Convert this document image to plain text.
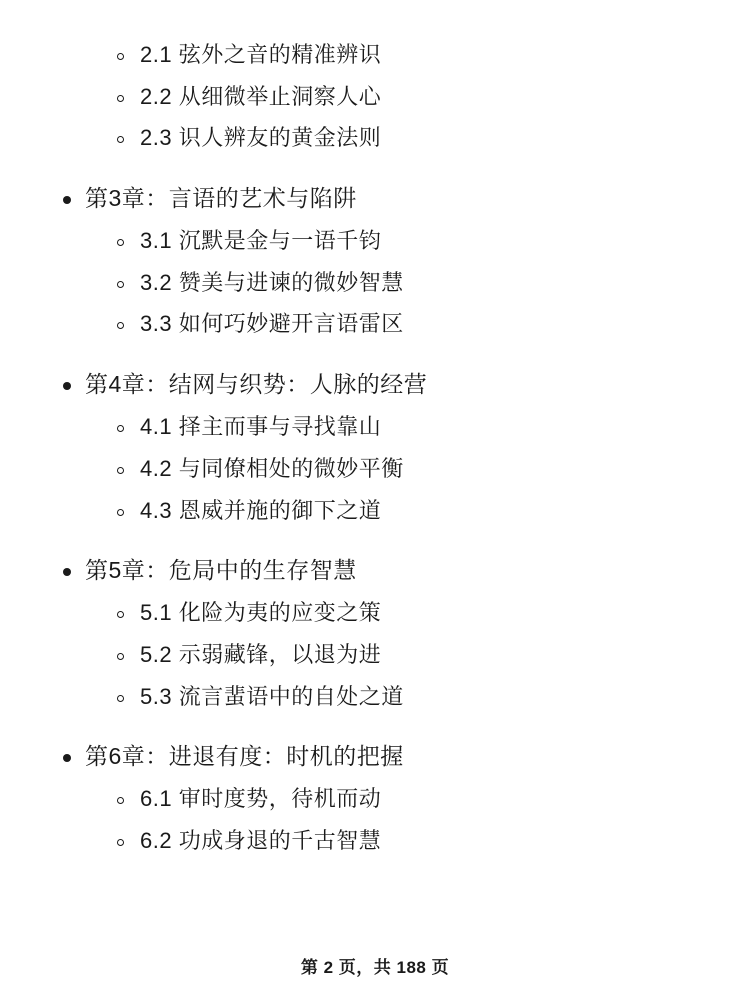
2.1 弦外之音的精准辨识
2.2 从细微举止洞察人心
2.3 识人辨友的黄金法则
第3章：言语的艺术与陷阱
3.1 沉默是金与一语千钧
3.2 赞美与进谏的微妙智慧
3.3 如何巧妙避开言语雷区
第4章：结网与织势：人脉的经营
4.1 择主而事与寻找靠山
4.2 与同僚相处的微妙平衡
4.3 恩威并施的御下之道
第5章：危局中的生存智慧
5.1 化险为夷的应变之策
5.2 示弱藏锋，以退为进
5.3 流言蜚语中的自处之道
第6章：进退有度：时机的把握
6.1 审时度势，待机而动
6.2 功成身退的千古智慧
第 2 页，共 188 页
